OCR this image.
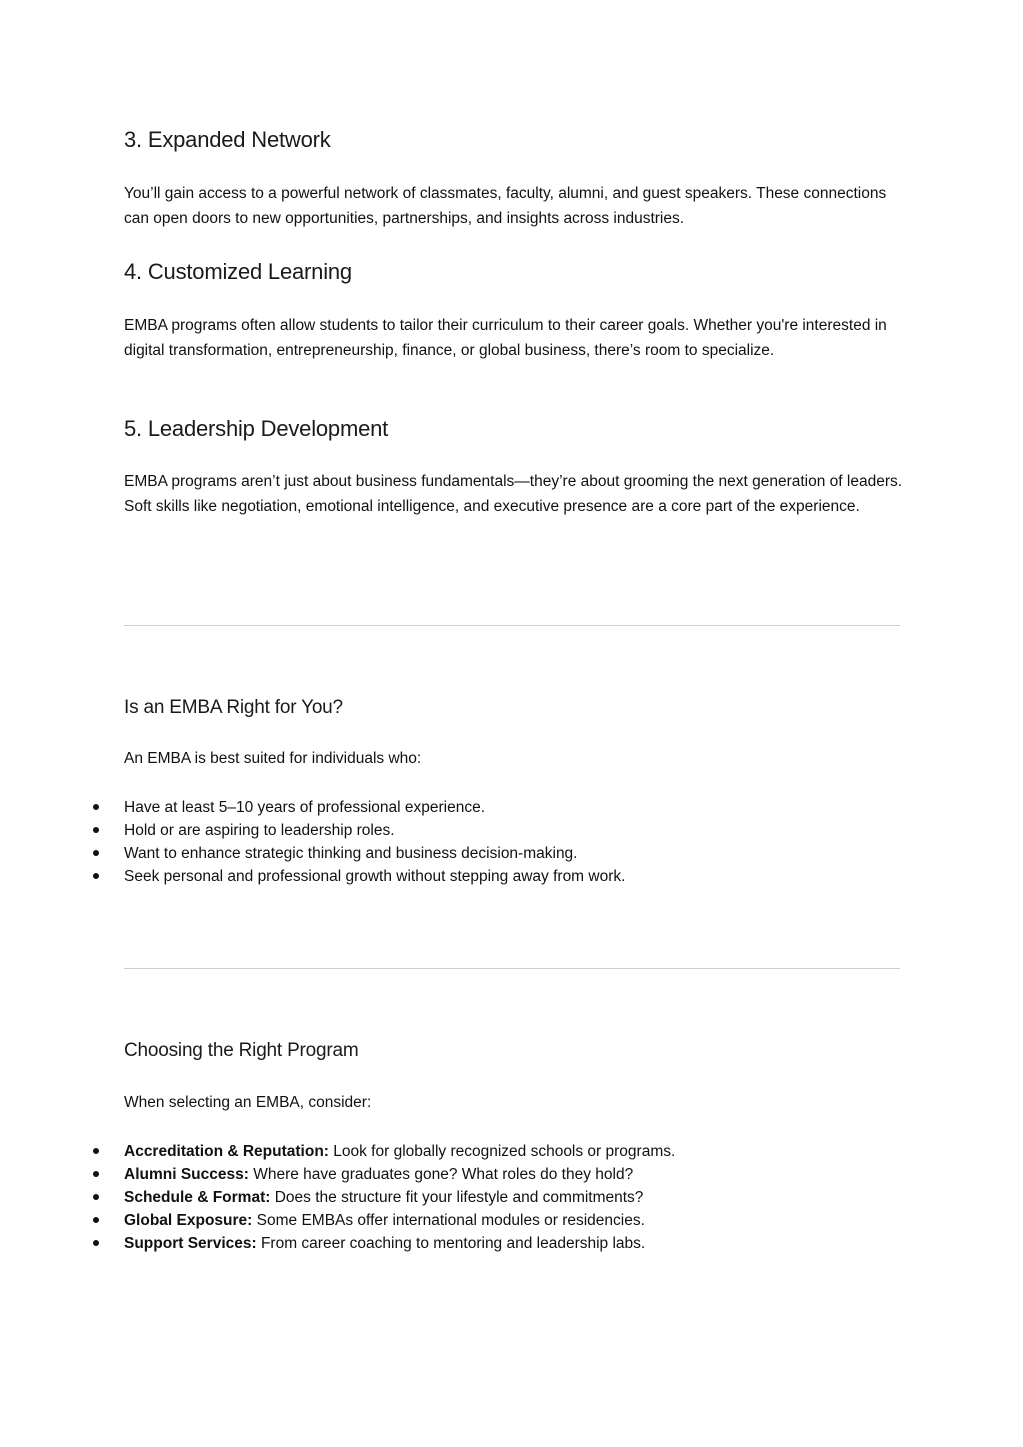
3. Expanded Network

You’ll gain access to a powerful network of classmates, faculty, alumni, and guest speakers. These connections can open doors to new opportunities, partnerships, and insights across industries.

4. Customized Learning

EMBA programs often allow students to tailor their curriculum to their career goals. Whether you're interested in digital transformation, entrepreneurship, finance, or global business, there’s room to specialize.

5. Leadership Development

EMBA programs aren’t just about business fundamentals—they’re about grooming the next generation of leaders. Soft skills like negotiation, emotional intelligence, and executive presence are a core part of the experience.

Is an EMBA Right for You?

An EMBA is best suited for individuals who:

Have at least 5–10 years of professional experience.
Hold or are aspiring to leadership roles.
Want to enhance strategic thinking and business decision-making.
Seek personal and professional growth without stepping away from work.
Choosing the Right Program

When selecting an EMBA, consider:

Accreditation & Reputation: Look for globally recognized schools or programs.
Alumni Success: Where have graduates gone? What roles do they hold?
Schedule & Format: Does the structure fit your lifestyle and commitments?
Global Exposure: Some EMBAs offer international modules or residencies.
Support Services: From career coaching to mentoring and leadership labs.
